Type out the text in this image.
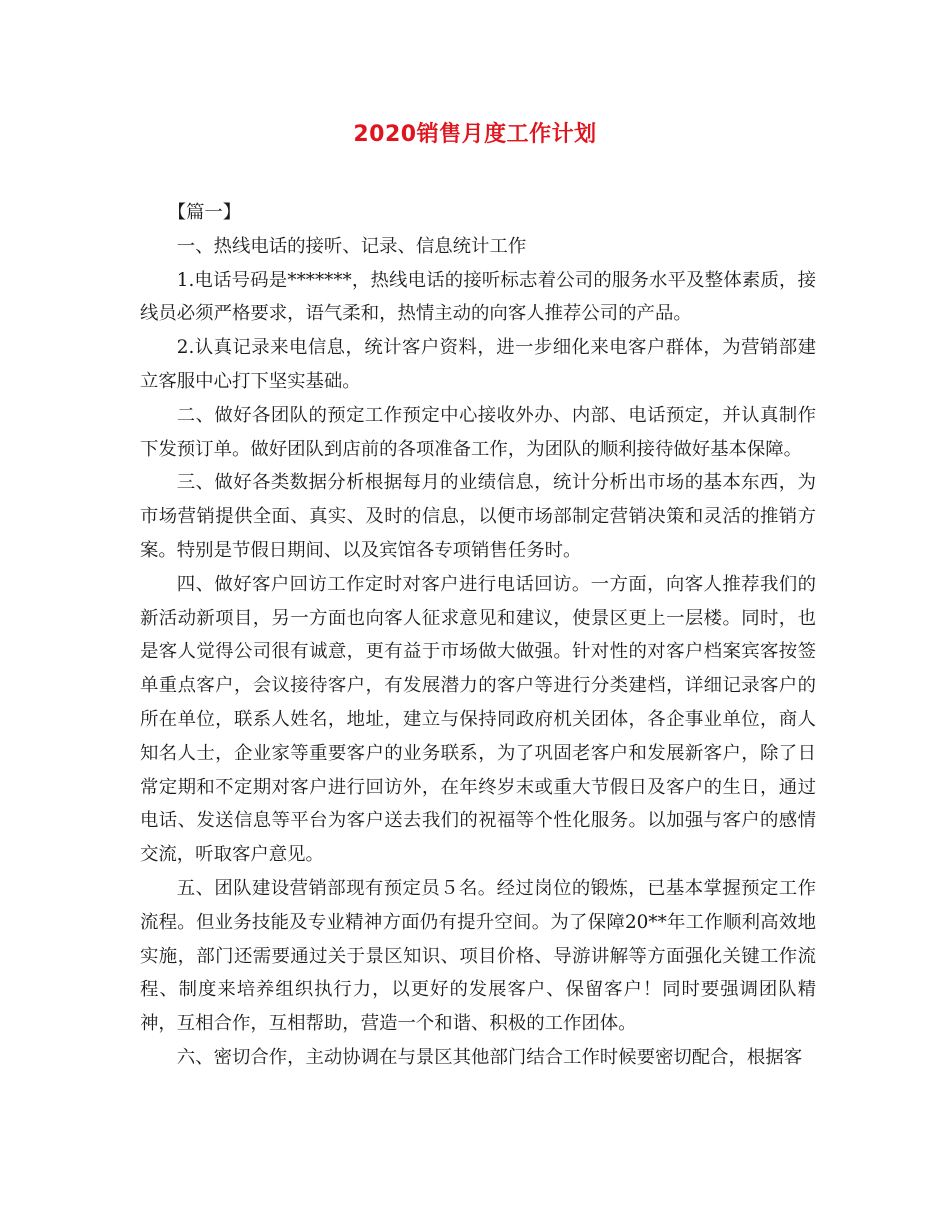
2020销售月度工作计划

【篇一】

一、热线电话的接听、记录、信息统计工作

1.电话号码是*******，热线电话的接听标志着公司的服务水平及整体素质，接线员必须严格要求，语气柔和，热情主动的向客人推荐公司的产品。

2.认真记录来电信息，统计客户资料，进一步细化来电客户群体，为营销部建立客服中心打下坚实基础。

二、做好各团队的预定工作预定中心接收外办、内部、电话预定，并认真制作下发预订单。做好团队到店前的各项准备工作，为团队的顺利接待做好基本保障。

三、做好各类数据分析根据每月的业绩信息，统计分析出市场的基本东西，为市场营销提供全面、真实、及时的信息，以便市场部制定营销决策和灵活的推销方案。特别是节假日期间、以及宾馆各专项销售任务时。

四、做好客户回访工作定时对客户进行电话回访。一方面，向客人推荐我们的新活动新项目，另一方面也向客人征求意见和建议，使景区更上一层楼。同时，也是客人觉得公司很有诚意，更有益于市场做大做强。针对性的对客户档案宾客按签单重点客户，会议接待客户，有发展潜力的客户等进行分类建档，详细记录客户的所在单位，联系人姓名，地址，建立与保持同政府机关团体，各企事业单位，商人知名人士，企业家等重要客户的业务联系，为了巩固老客户和发展新客户，除了日常定期和不定期对客户进行回访外，在年终岁末或重大节假日及客户的生日，通过电话、发送信息等平台为客户送去我们的祝福等个性化服务。以加强与客户的感情交流，听取客户意见。

五、团队建设营销部现有预定员５名。经过岗位的锻炼，已基本掌握预定工作流程。但业务技能及专业精神方面仍有提升空间。为了保障20**年工作顺利高效地实施，部门还需要通过关于景区知识、项目价格、导游讲解等方面强化关键工作流程、制度来培养组织执行力，以更好的发展客户、保留客户！同时要强调团队精神，互相合作，互相帮助，营造一个和谐、积极的工作团体。

六、密切合作，主动协调在与景区其他部门结合工作时候要密切配合，根据客
